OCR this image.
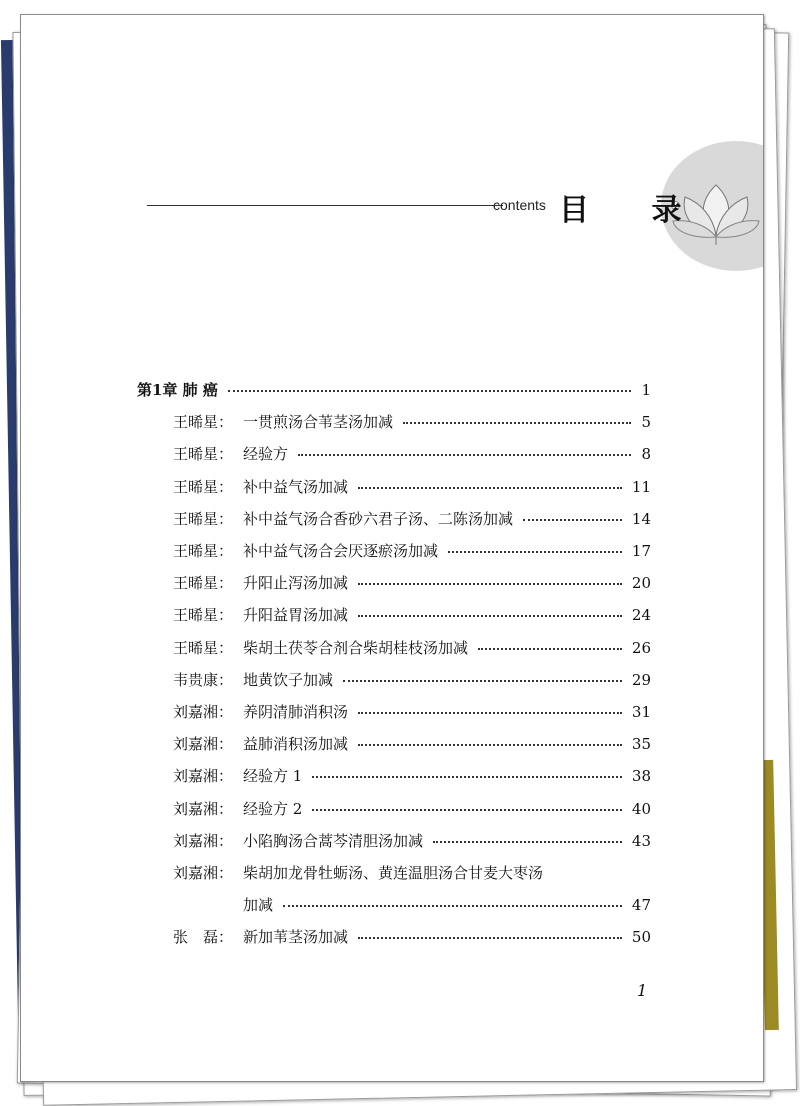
contents 目 录
第1章 肺 癌	1
王晞星： 一贯煎汤合苇茎汤加减	5
王晞星： 经验方	8
王晞星： 补中益气汤加减	11
王晞星： 补中益气汤合香砂六君子汤、二陈汤加减	14
王晞星： 补中益气汤合会厌逐瘀汤加减	17
王晞星： 升阳止泻汤加减	20
王晞星： 升阳益胃汤加减	24
王晞星： 柴胡土茯苓合剂合柴胡桂枝汤加减	26
韦贵康： 地黄饮子加减	29
刘嘉湘： 养阴清肺消积汤	31
刘嘉湘： 益肺消积汤加减	35
刘嘉湘： 经验方 1	38
刘嘉湘： 经验方 2	40
刘嘉湘： 小陷胸汤合蒿芩清胆汤加减	43
刘嘉湘： 柴胡加龙骨牡蛎汤、黄连温胆汤合甘麦大枣汤
加减	47
张　磊： 新加苇茎汤加减	50
1
